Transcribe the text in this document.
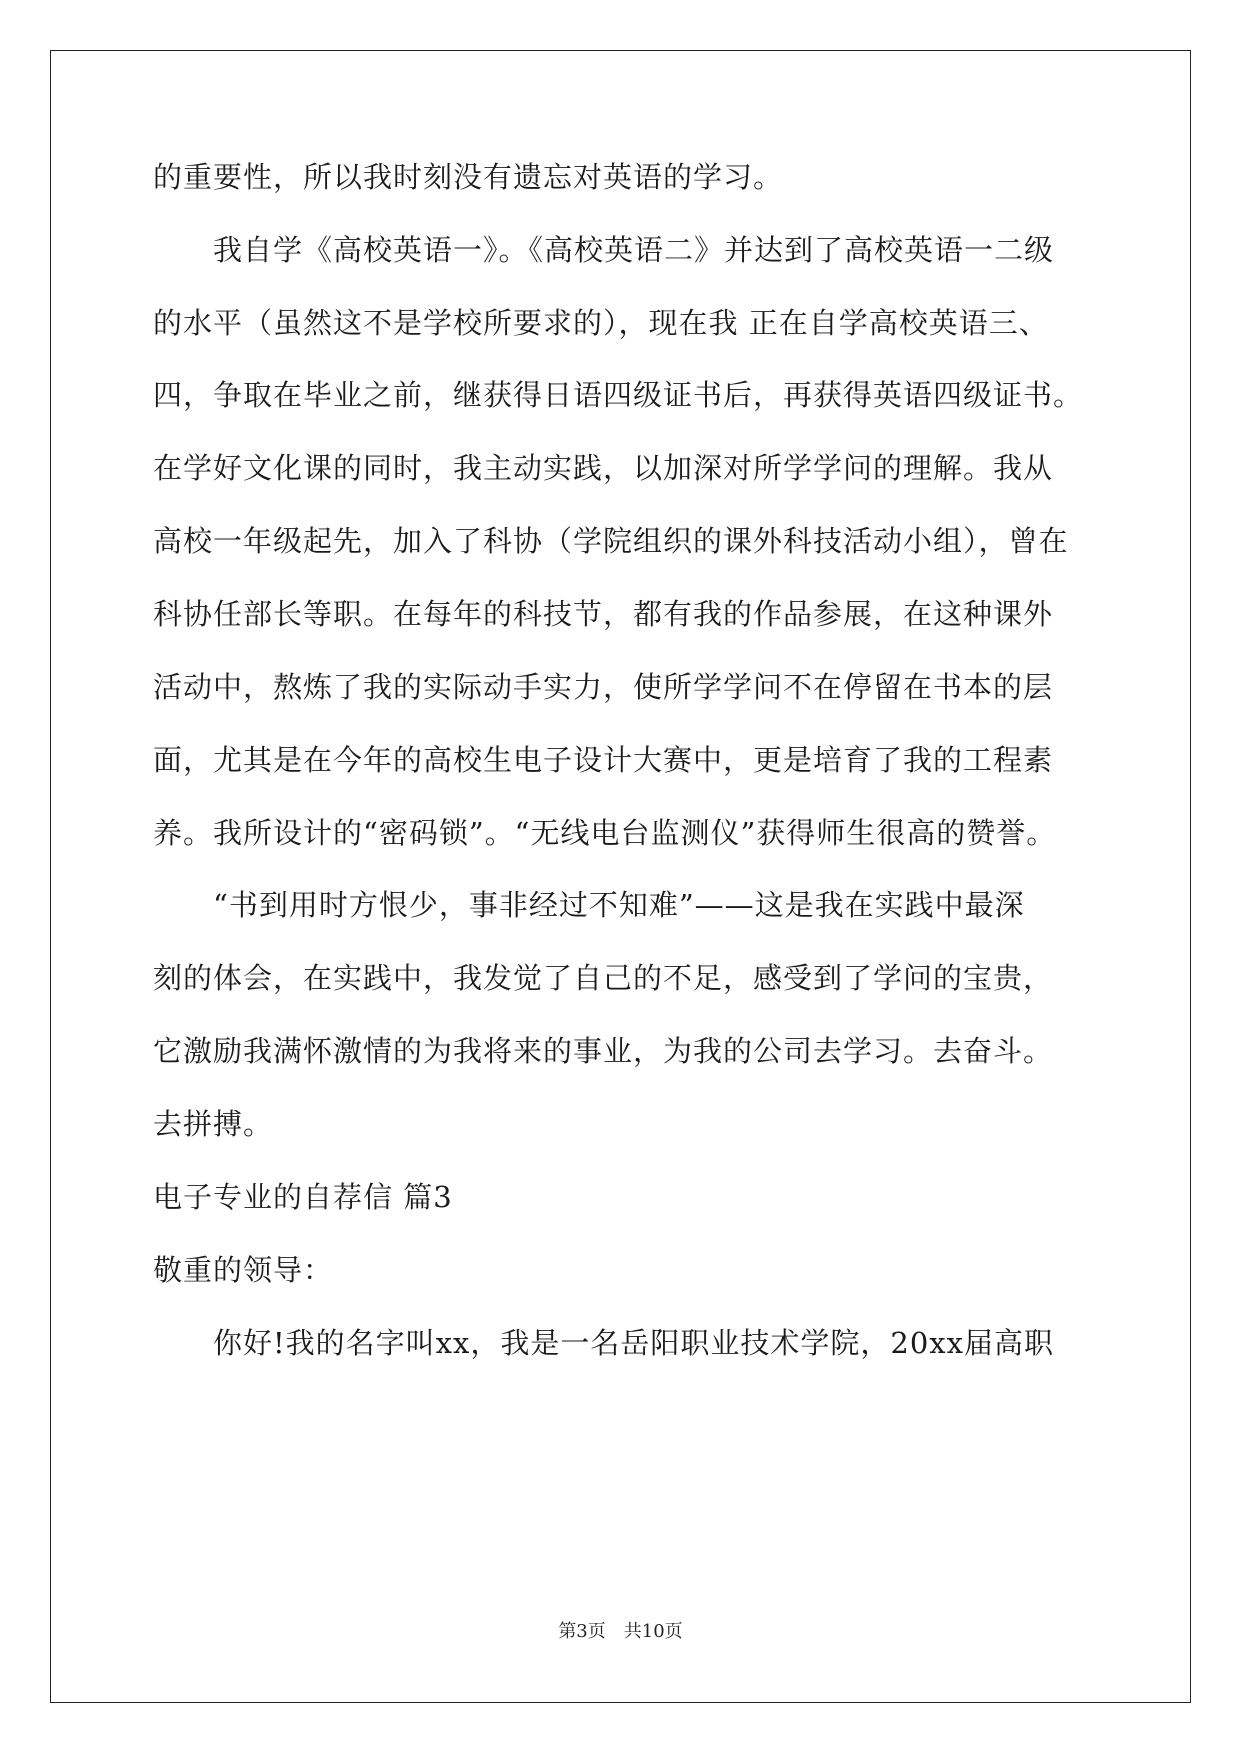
的重要性，所以我时刻没有遗忘对英语的学习。
我自学《高校英语一》。《高校英语二》并达到了高校英语一二级
的水平（虽然这不是学校所要求的），现在我 正在自学高校英语三、
四，争取在毕业之前，继获得日语四级证书后，再获得英语四级证书。
在学好文化课的同时，我主动实践，以加深对所学学问的理解。我从
高校一年级起先，加入了科协（学院组织的课外科技活动小组），曾在
科协任部长等职。在每年的科技节，都有我的作品参展，在这种课外
活动中，熬炼了我的实际动手实力，使所学学问不在停留在书本的层
面，尤其是在今年的高校生电子设计大赛中，更是培育了我的工程素
养。我所设计的“密码锁”。“无线电台监测仪”获得师生很高的赞誉。
“书到用时方恨少，事非经过不知难”——这是我在实践中最深
刻的体会，在实践中，我发觉了自己的不足，感受到了学问的宝贵，
它激励我满怀激情的为我将来的事业，为我的公司去学习。去奋斗。
去拼搏。
电子专业的自荐信 篇3
敬重的领导：
你好!我的名字叫xx，我是一名岳阳职业技术学院，20xx届高职
第3页　共10页
